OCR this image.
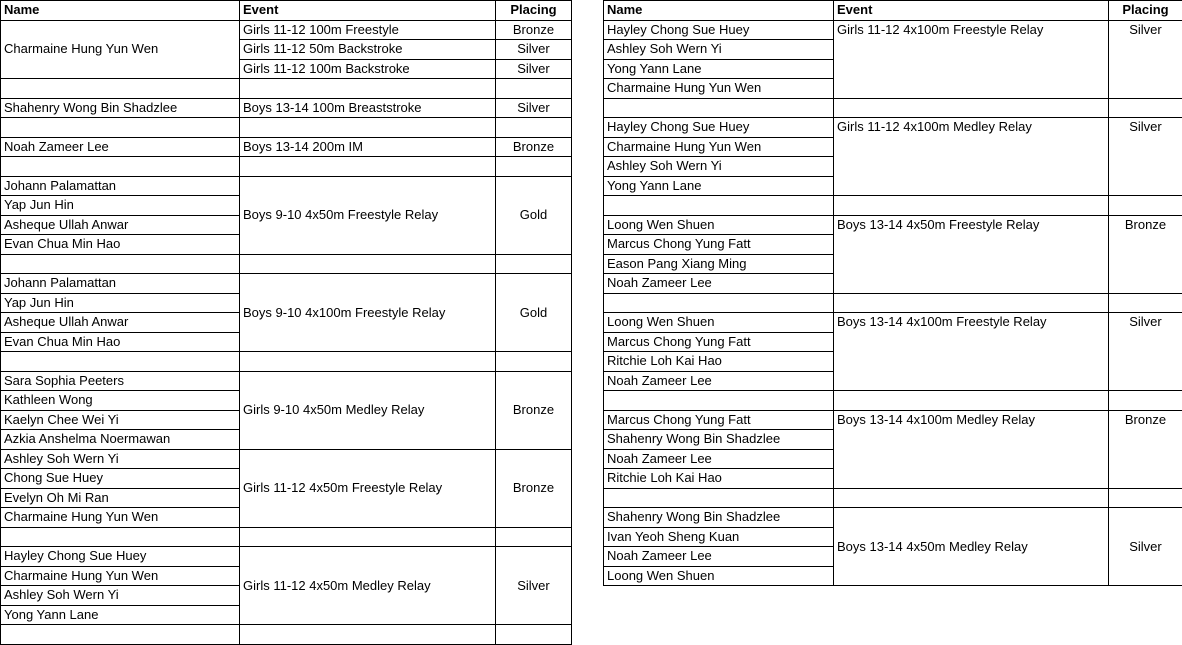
Name	Event	Placing
Charmaine Hung Yun Wen	Girls 11-12 100m Freestyle	Bronze
	Girls 11-12 50m Backstroke	Silver
	Girls 11-12 100m Backstroke	Silver

Shahenry Wong Bin Shadzlee	Boys 13-14 100m Breaststroke	Silver

Noah Zameer Lee	Boys 13-14 200m IM	Bronze

Johann Palamattan	Boys 9-10 4x50m Freestyle Relay	Gold
Yap Jun Hin		
Asheque Ullah Anwar		
Evan Chua Min Hao		

Johann Palamattan	Boys 9-10 4x100m Freestyle Relay	Gold
Yap Jun Hin		
Asheque Ullah Anwar		
Evan Chua Min Hao		

Sara Sophia Peeters	Girls 9-10 4x50m Medley Relay	Bronze
Kathleen Wong		
Kaelyn Chee Wei Yi		
Azkia Anshelma Noermawan		
Ashley Soh Wern Yi	Girls 11-12 4x50m Freestyle Relay	Bronze
Chong Sue Huey		
Evelyn Oh Mi Ran		
Charmaine Hung Yun Wen		

Hayley Chong Sue Huey	Girls 11-12 4x50m Medley Relay	Silver
Charmaine Hung Yun Wen		
Ashley Soh Wern Yi		
Yong Yann Lane		

Name	Event	Placing
Hayley Chong Sue Huey	Girls 11-12 4x100m Freestyle Relay	Silver
Ashley Soh Wern Yi		
Yong Yann Lane		
Charmaine Hung Yun Wen		

Hayley Chong Sue Huey	Girls 11-12 4x100m Medley Relay	Silver
Charmaine Hung Yun Wen		
Ashley Soh Wern Yi		
Yong Yann Lane		

Loong Wen Shuen	Boys 13-14 4x50m Freestyle Relay	Bronze
Marcus Chong Yung Fatt		
Eason Pang Xiang Ming		
Noah Zameer Lee		

Loong Wen Shuen	Boys 13-14 4x100m Freestyle Relay	Silver
Marcus Chong Yung Fatt		
Ritchie Loh Kai Hao		
Noah Zameer Lee		

Marcus Chong Yung Fatt	Boys 13-14 4x100m Medley Relay	Bronze
Shahenry Wong Bin Shadzlee		
Noah Zameer Lee		
Ritchie Loh Kai Hao		

Shahenry Wong Bin Shadzlee	Boys 13-14 4x50m Medley Relay	Silver
Ivan Yeoh Sheng Kuan		
Noah Zameer Lee		
Loong Wen Shuen		
